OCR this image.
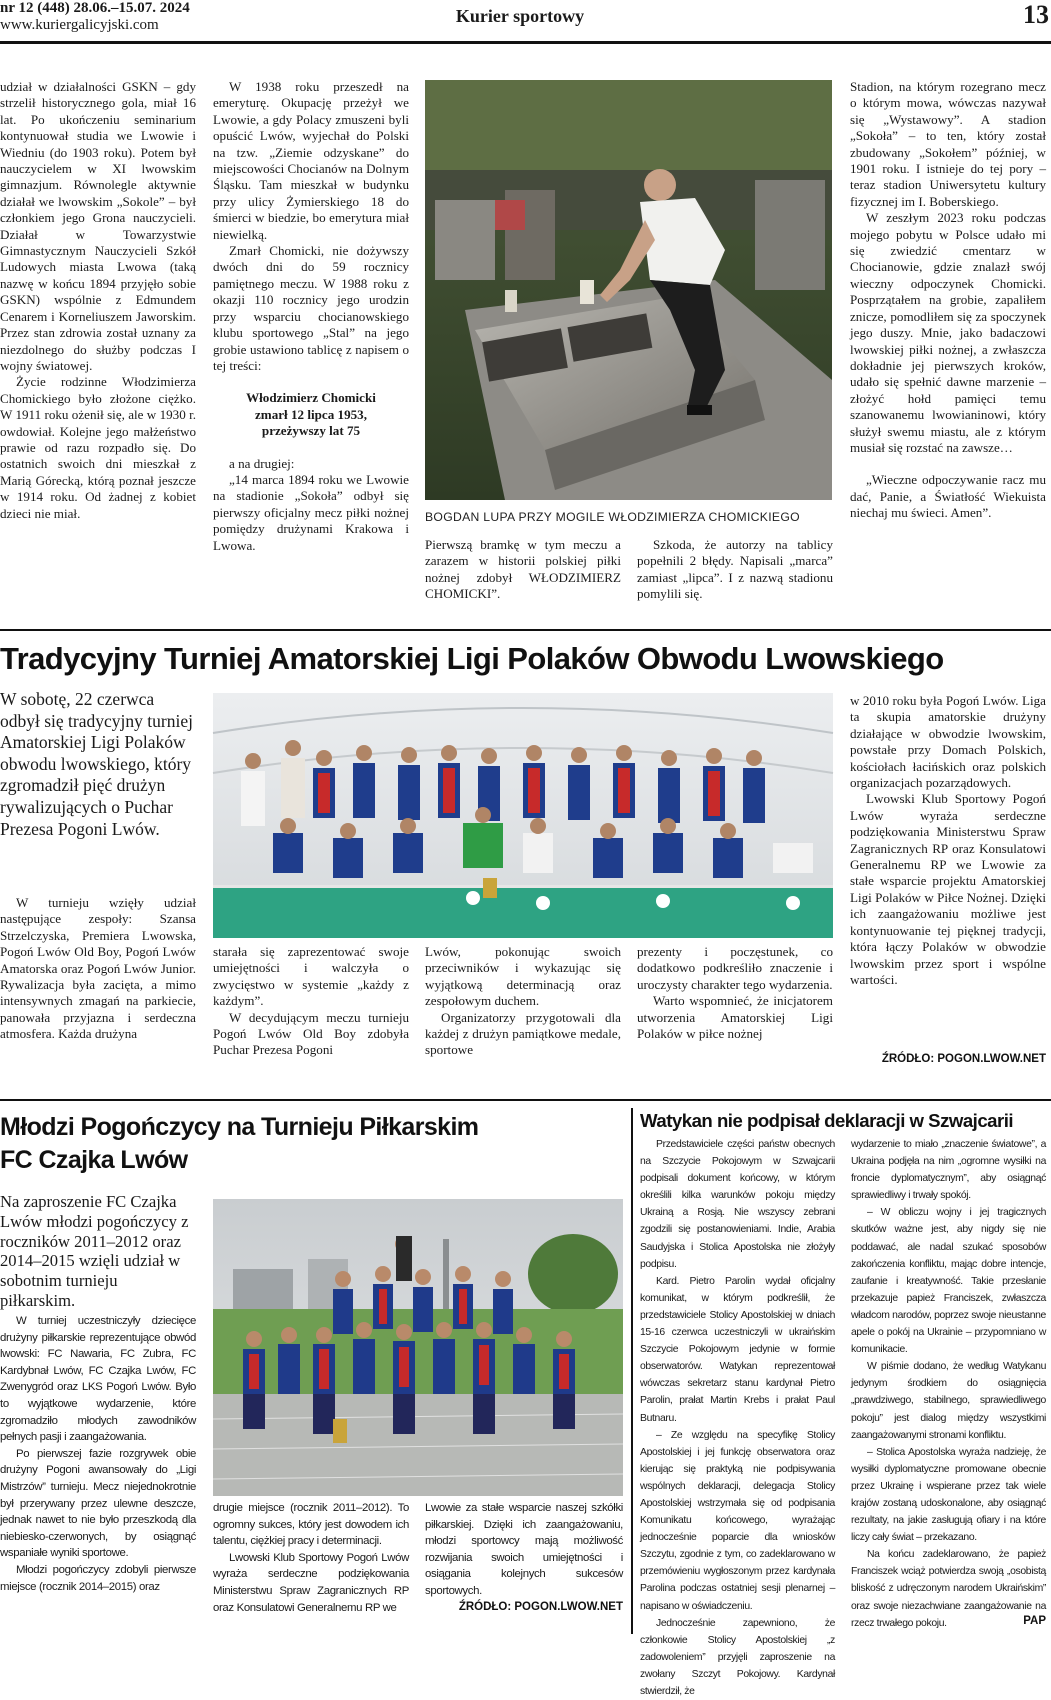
nr 12 (448) 28.06.–15.07. 2024
www.kuriergalicyjski.com	Kurier sportowy	13

udział w działalności GSKN – gdy strzelił historycznego gola, miał 16 lat. Po ukończeniu seminarium kontynuował studia we Lwowie i Wiedniu (do 1903 roku). Potem był nauczycielem w XI lwowskim gimnazjum. Równolegle aktywnie działał we lwowskim „Sokole” – był członkiem jego Grona nauczycieli. Działał w Towarzystwie Gimnastycznym Nauczycieli Szkół Ludowych miasta Lwowa (taką nazwę w końcu 1894 przyjęło sobie GSKN) wspólnie z Edmundem Cenarem i Korneliuszem Jaworskim. Przez stan zdrowia został uznany za niezdolnego do służby podczas I wojny światowej.

Życie rodzinne Włodzimierza Chomickiego było złożone ciężko. W 1911 roku ożenił się, ale w 1930 r. owdowiał. Kolejne jego małżeństwo prawie od razu rozpadło się. Do ostatnich swoich dni mieszkał z Marią Górecką, którą poznał jeszcze w 1914 roku. Od żadnej z kobiet dzieci nie miał.

W 1938 roku przeszedł na emeryturę. Okupację przeżył we Lwowie, a gdy Polacy zmuszeni byli opuścić Lwów, wyjechał do Polski na tzw. „Ziemie odzyskane” do miejscowości Chocianów na Dolnym Śląsku. Tam mieszkał w budynku przy ulicy Żymierskiego 18 do śmierci w biedzie, bo emerytura miał niewielką.

Zmarł Chomicki, nie dożywszy dwóch dni do 59 rocznicy pamiętnego meczu. W 1988 roku z okazji 110 rocznicy jego urodzin przy wsparciu chocianowskiego klubu sportowego „Stal” na jego grobie ustawiono tablicę z napisem o tej treści:

Włodzimierz Chomicki

zmarł 12 lipca 1953,

przeżywszy lat 75

a na drugiej:

„14 marca 1894 roku we Lwowie na stadionie „Sokoła” odbył się pierwszy oficjalny mecz piłki nożnej pomiędzy drużynami Krakowa i Lwowa.

BOGDAN LUPA PRZY MOGILE WŁODZIMIERZA CHOMICKIEGO

Pierwszą bramkę w tym meczu a zarazem w historii polskiej piłki nożnej zdobył WŁODZIMIERZ CHOMICKI”.

Szkoda, że autorzy na tablicy popełnili 2 błędy. Napisali „marca” zamiast „lipca”. I z nazwą stadionu pomylili się.

Stadion, na którym rozegrano mecz o którym mowa, wówczas nazywał się „Wystawowy”. A stadion „Sokoła” – to ten, który został zbudowany „Sokołem” później, w 1901 roku. I istnieje do tej pory – teraz stadion Uniwersytetu kultury fizycznej im I. Boberskiego.

W zeszłym 2023 roku podczas mojego pobytu w Polsce udało mi się zwiedzić cmentarz w Chocianowie, gdzie znalazł swój wieczny odpoczynek Chomicki. Posprzątałem na grobie, zapaliłem znicze, pomodliłem się za spoczynek jego duszy. Mnie, jako badaczowi lwowskiej piłki nożnej, a zwłaszcza dokładnie jej pierwszych kroków, udało się spełnić dawne marzenie –złożyć hołd pamięci temu szanowanemu lwowianinowi, który służył swemu miastu, ale z którym musiał się rozstać na zawsze…

„Wieczne odpoczywanie racz mu dać, Panie, a Światłość Wiekuista niechaj mu świeci. Amen”.

Tradycyjny Turniej Amatorskiej Ligi Polaków Obwodu Lwowskiego
W sobotę, 22 czerwca odbył się tradycyjny turniej Amatorskiej Ligi Polaków obwodu lwowskiego, który zgromadził pięć drużyn rywalizujących o Puchar Prezesa Pogoni Lwów.

W turnieju wzięły udział następujące zespoły: Szansa Strzelczyska, Premiera Lwowska, Pogoń Lwów Old Boy, Pogoń Lwów Amatorska oraz Pogoń Lwów Junior. Rywalizacja była zacięta, a mimo intensywnych zmagań na parkiecie, panowała przyjazna i serdeczna atmosfera. Każda drużyna

starała się zaprezentować swoje umiejętności i walczyła o zwycięstwo w systemie „każdy z każdym”.

W decydującym meczu turnieju Pogoń Lwów Old Boy zdobyła Puchar Prezesa Pogoni

Lwów, pokonując swoich przeciwników i wykazując się wyjątkową determinacją oraz zespołowym duchem.

Organizatorzy przygotowali dla każdej z drużyn pamiątkowe medale, sportowe

prezenty i poczęstunek, co dodatkowo podkreśliło znaczenie i uroczysty charakter tego wydarzenia.

Warto wspomnieć, że inicjatorem utworzenia Amatorskiej Ligi Polaków w piłce nożnej

w 2010 roku była Pogoń Lwów. Liga ta skupia amatorskie drużyny działające w obwodzie lwowskim, powstałe przy Domach Polskich, kościołach łacińskich oraz polskich organizacjach pozarządowych.

Lwowski Klub Sportowy Pogoń Lwów wyraża serdeczne podziękowania Ministerstwu Spraw Zagranicznych RP oraz Konsulatowi Generalnemu RP we Lwowie za stałe wsparcie projektu Amatorskiej Ligi Polaków w Piłce Nożnej. Dzięki ich zaangażowaniu możliwe jest kontynuowanie tej pięknej tradycji, która łączy Polaków w obwodzie lwowskim przez sport i wspólne wartości.

ŹRÓDŁO: POGON.LWOW.NET
Młodzi Pogończycy na Turnieju Piłkarskim
FC Czajka Lwów
Na zaproszenie FC Czajka Lwów młodzi pogończycy z roczników 2011–2012 oraz 2014–2015 wzięli udział w sobotnim turnieju piłkarskim.

W turniej uczestniczyły dziecięce drużyny piłkarskie reprezentujące obwód lwowski: FC Nawaria, FC Zubra, FC Kardybnał Lwów, FC Czajka Lwów, FC Zwenygród oraz LKS Pogoń Lwów. Było to wyjątkowe wydarzenie, które zgromadziło młodych zawodników pełnych pasji i zaangażowania.

Po pierwszej fazie rozgrywek obie drużyny Pogoni awansowały do „Ligi Mistrzów” turnieju. Mecz niejednokrotnie był przerywany przez ulewne deszcze, jednak nawet to nie było przeszkodą dla niebiesko-czerwonych, by osiągnąć wspaniałe wyniki sportowe.

Młodzi pogończycy zdobyli pierwsze miejsce (rocznik 2014–2015) oraz

drugie miejsce (rocznik 2011–2012). To ogromny sukces, który jest dowodem ich talentu, ciężkiej pracy i determinacji.

Lwowski Klub Sportowy Pogoń Lwów wyraża serdeczne podziękowania Ministerstwu Spraw Zagranicznych RP oraz Konsulatowi Generalnemu RP we

Lwowie za stałe wsparcie naszej szkółki piłkarskiej. Dzięki ich zaangażowaniu, młodzi sportowcy mają możliwość rozwijania swoich umiejętności i osiągania kolejnych sukcesów sportowych.

ŹRÓDŁO: POGON.LWOW.NET
Watykan nie podpisał deklaracji w Szwajcarii

Przedstawiciele części państw obecnych na Szczycie Pokojowym w Szwajcarii podpisali dokument końcowy, w którym określili kilka warunków pokoju między Ukrainą a Rosją. Nie wszyscy zebrani zgodzili się postanowieniami. Indie, Arabia Saudyjska i Stolica Apostolska nie złożyły podpisu.

Kard. Pietro Parolin wydał oficjalny komunikat, w którym podkreślił, że przedstawiciele Stolicy Apostolskiej w dniach 15-16 czerwca uczestniczyli w ukraińskim Szczycie Pokojowym jedynie w formie obserwatorów. Watykan reprezentował wówczas sekretarz stanu kardynał Pietro Parolin, prałat Martin Krebs i prałat Paul Butnaru.

– Ze względu na specyfikę Stolicy Apostolskiej i jej funkcję obserwatora oraz kierując się praktyką nie podpisywania wspólnych deklaracji, delegacja Stolicy Apostolskiej wstrzymała się od podpisania Komunikatu końcowego, wyrażając jednocześnie poparcie dla wniosków Szczytu, zgodnie z tym, co zadeklarowano w przemówieniu wygłoszonym przez kardynała Parolina podczas ostatniej sesji plenarnej – napisano w oświadczeniu.

Jednocześnie zapewniono, że członkowie Stolicy Apostolskiej „z zadowoleniem” przyjęli zaproszenie na zwołany Szczyt Pokojowy. Kardynał stwierdził, że

wydarzenie to miało „znaczenie światowe”, a Ukraina podjęła na nim „ogromne wysiłki na froncie dyplomatycznym”, aby osiągnąć sprawiedliwy i trwały spokój.

– W obliczu wojny i jej tragicznych skutków ważne jest, aby nigdy się nie poddawać, ale nadal szukać sposobów zakończenia konfliktu, mając dobre intencje, zaufanie i kreatywność. Takie przesłanie przekazuje papież Franciszek, zwłaszcza władcom narodów, poprzez swoje nieustanne apele o pokój na Ukrainie – przypomniano w komunikacie.

W piśmie dodano, że według Watykanu jedynym środkiem do osiągnięcia „prawdziwego, stabilnego, sprawiedliwego pokoju” jest dialog między wszystkimi zaangażowanymi stronami konfliktu.

– Stolica Apostolska wyraża nadzieję, że wysiłki dyplomatyczne promowane obecnie przez Ukrainę i wspierane przez tak wiele krajów zostaną udoskonalone, aby osiągnąć rezultaty, na jakie zasługują ofiary i na które liczy cały świat – przekazano.

Na końcu zadeklarowano, że papież Franciszek wciąż potwierdza swoją „osobistą bliskość z udręczonym narodem Ukraińskim” oraz swoje niezachwiane zaangażowanie na rzecz trwałego pokoju.	PAP
